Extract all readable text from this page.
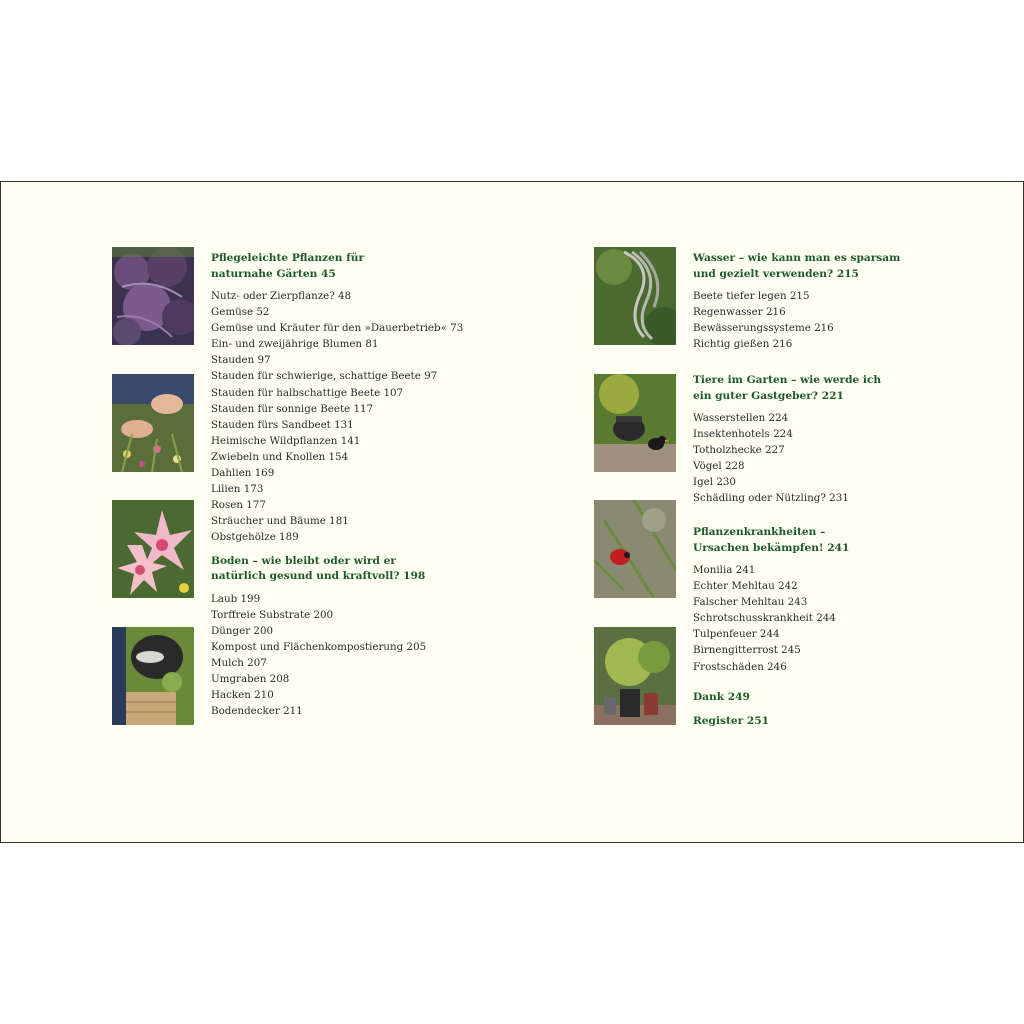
Pflegeleichte Pflanzen für
naturnahe Gärten 45
Nutz- oder Zierpflanze? 48
Gemüse 52
Gemüse und Kräuter für den »Dauerbetrieb« 73
Ein- und zweijährige Blumen 81
Stauden 97
Stauden für schwierige, schattige Beete 97
Stauden für halbschattige Beete 107
Stauden für sonnige Beete 117
Stauden fürs Sandbeet 131
Heimische Wildpflanzen 141
Zwiebeln und Knollen 154
Dahlien 169
Lilien 173
Rosen 177
Sträucher und Bäume 181
Obstgehölze 189
Boden – wie bleibt oder wird er
natürlich gesund und kraftvoll? 198
Laub 199
Torffreie Substrate 200
Dünger 200
Kompost und Flächenkompostierung 205
Mulch 207
Umgraben 208
Hacken 210
Bodendecker 211
Wasser – wie kann man es sparsam
und gezielt verwenden? 215
Beete tiefer legen 215
Regenwasser 216
Bewässerungssysteme 216
Richtig gießen 216
Tiere im Garten – wie werde ich
ein guter Gastgeber? 221
Wasserstellen 224
Insektenhotels 224
Totholzhecke 227
Vögel 228
Igel 230
Schädling oder Nützling? 231
Pflanzenkrankheiten –
Ursachen bekämpfen! 241
Monilia 241
Echter Mehltau 242
Falscher Mehltau 243
Schrotschusskrankheit 244
Tulpenfeuer 244
Birnengitterrost 245
Frostschäden 246
Dank 249
Register 251
